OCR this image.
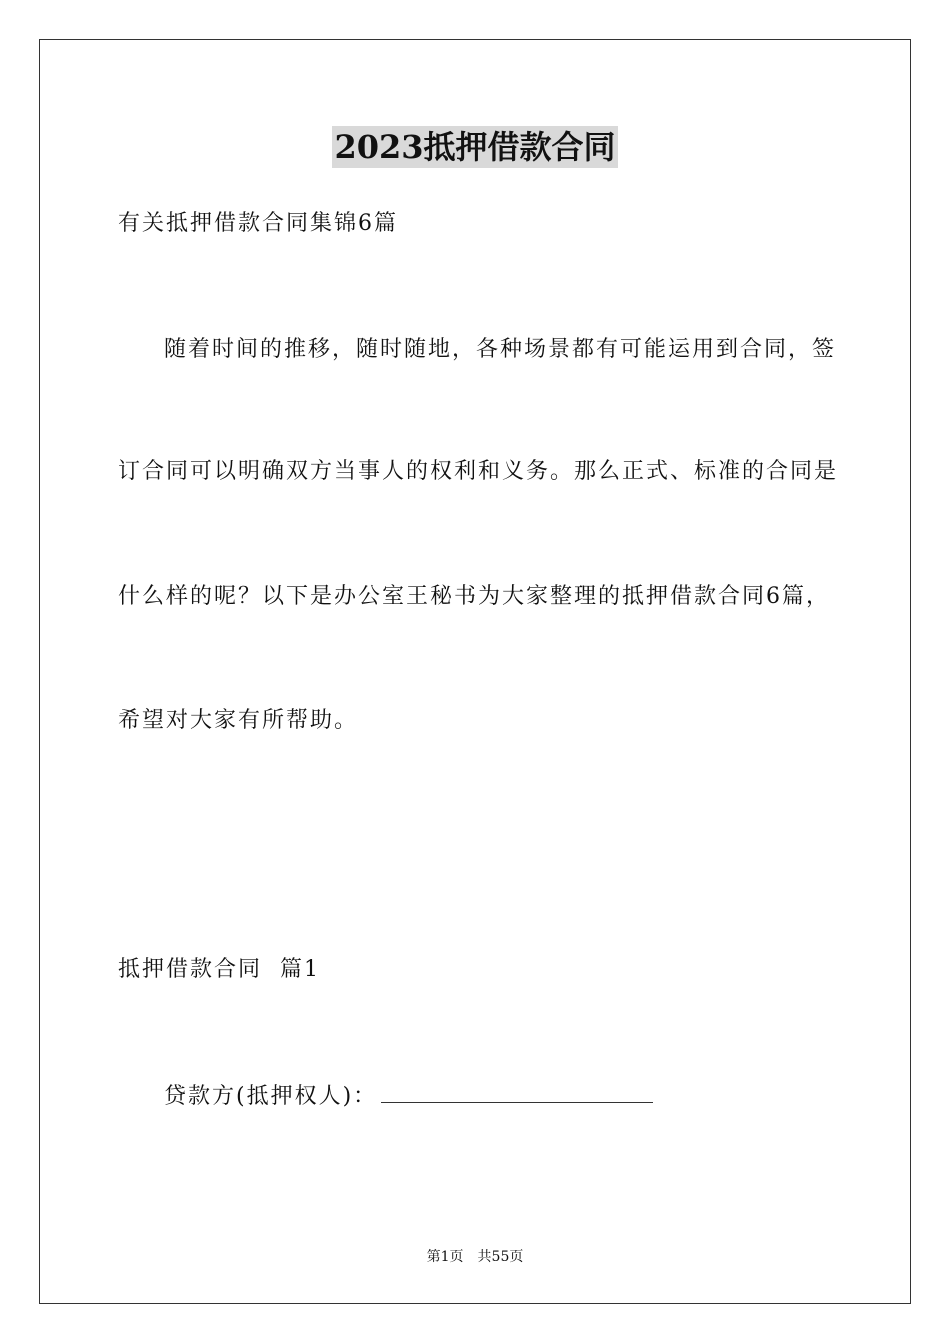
2023抵押借款合同
有关抵押借款合同集锦6篇
随着时间的推移，随时随地，各种场景都有可能运用到合同，签
订合同可以明确双方当事人的权利和义务。那么正式、标准的合同是
什么样的呢？以下是办公室王秘书为大家整理的抵押借款合同6篇，
希望对大家有所帮助。
抵押借款合同  篇1
贷款方(抵押权人)：
第1页 共55页
